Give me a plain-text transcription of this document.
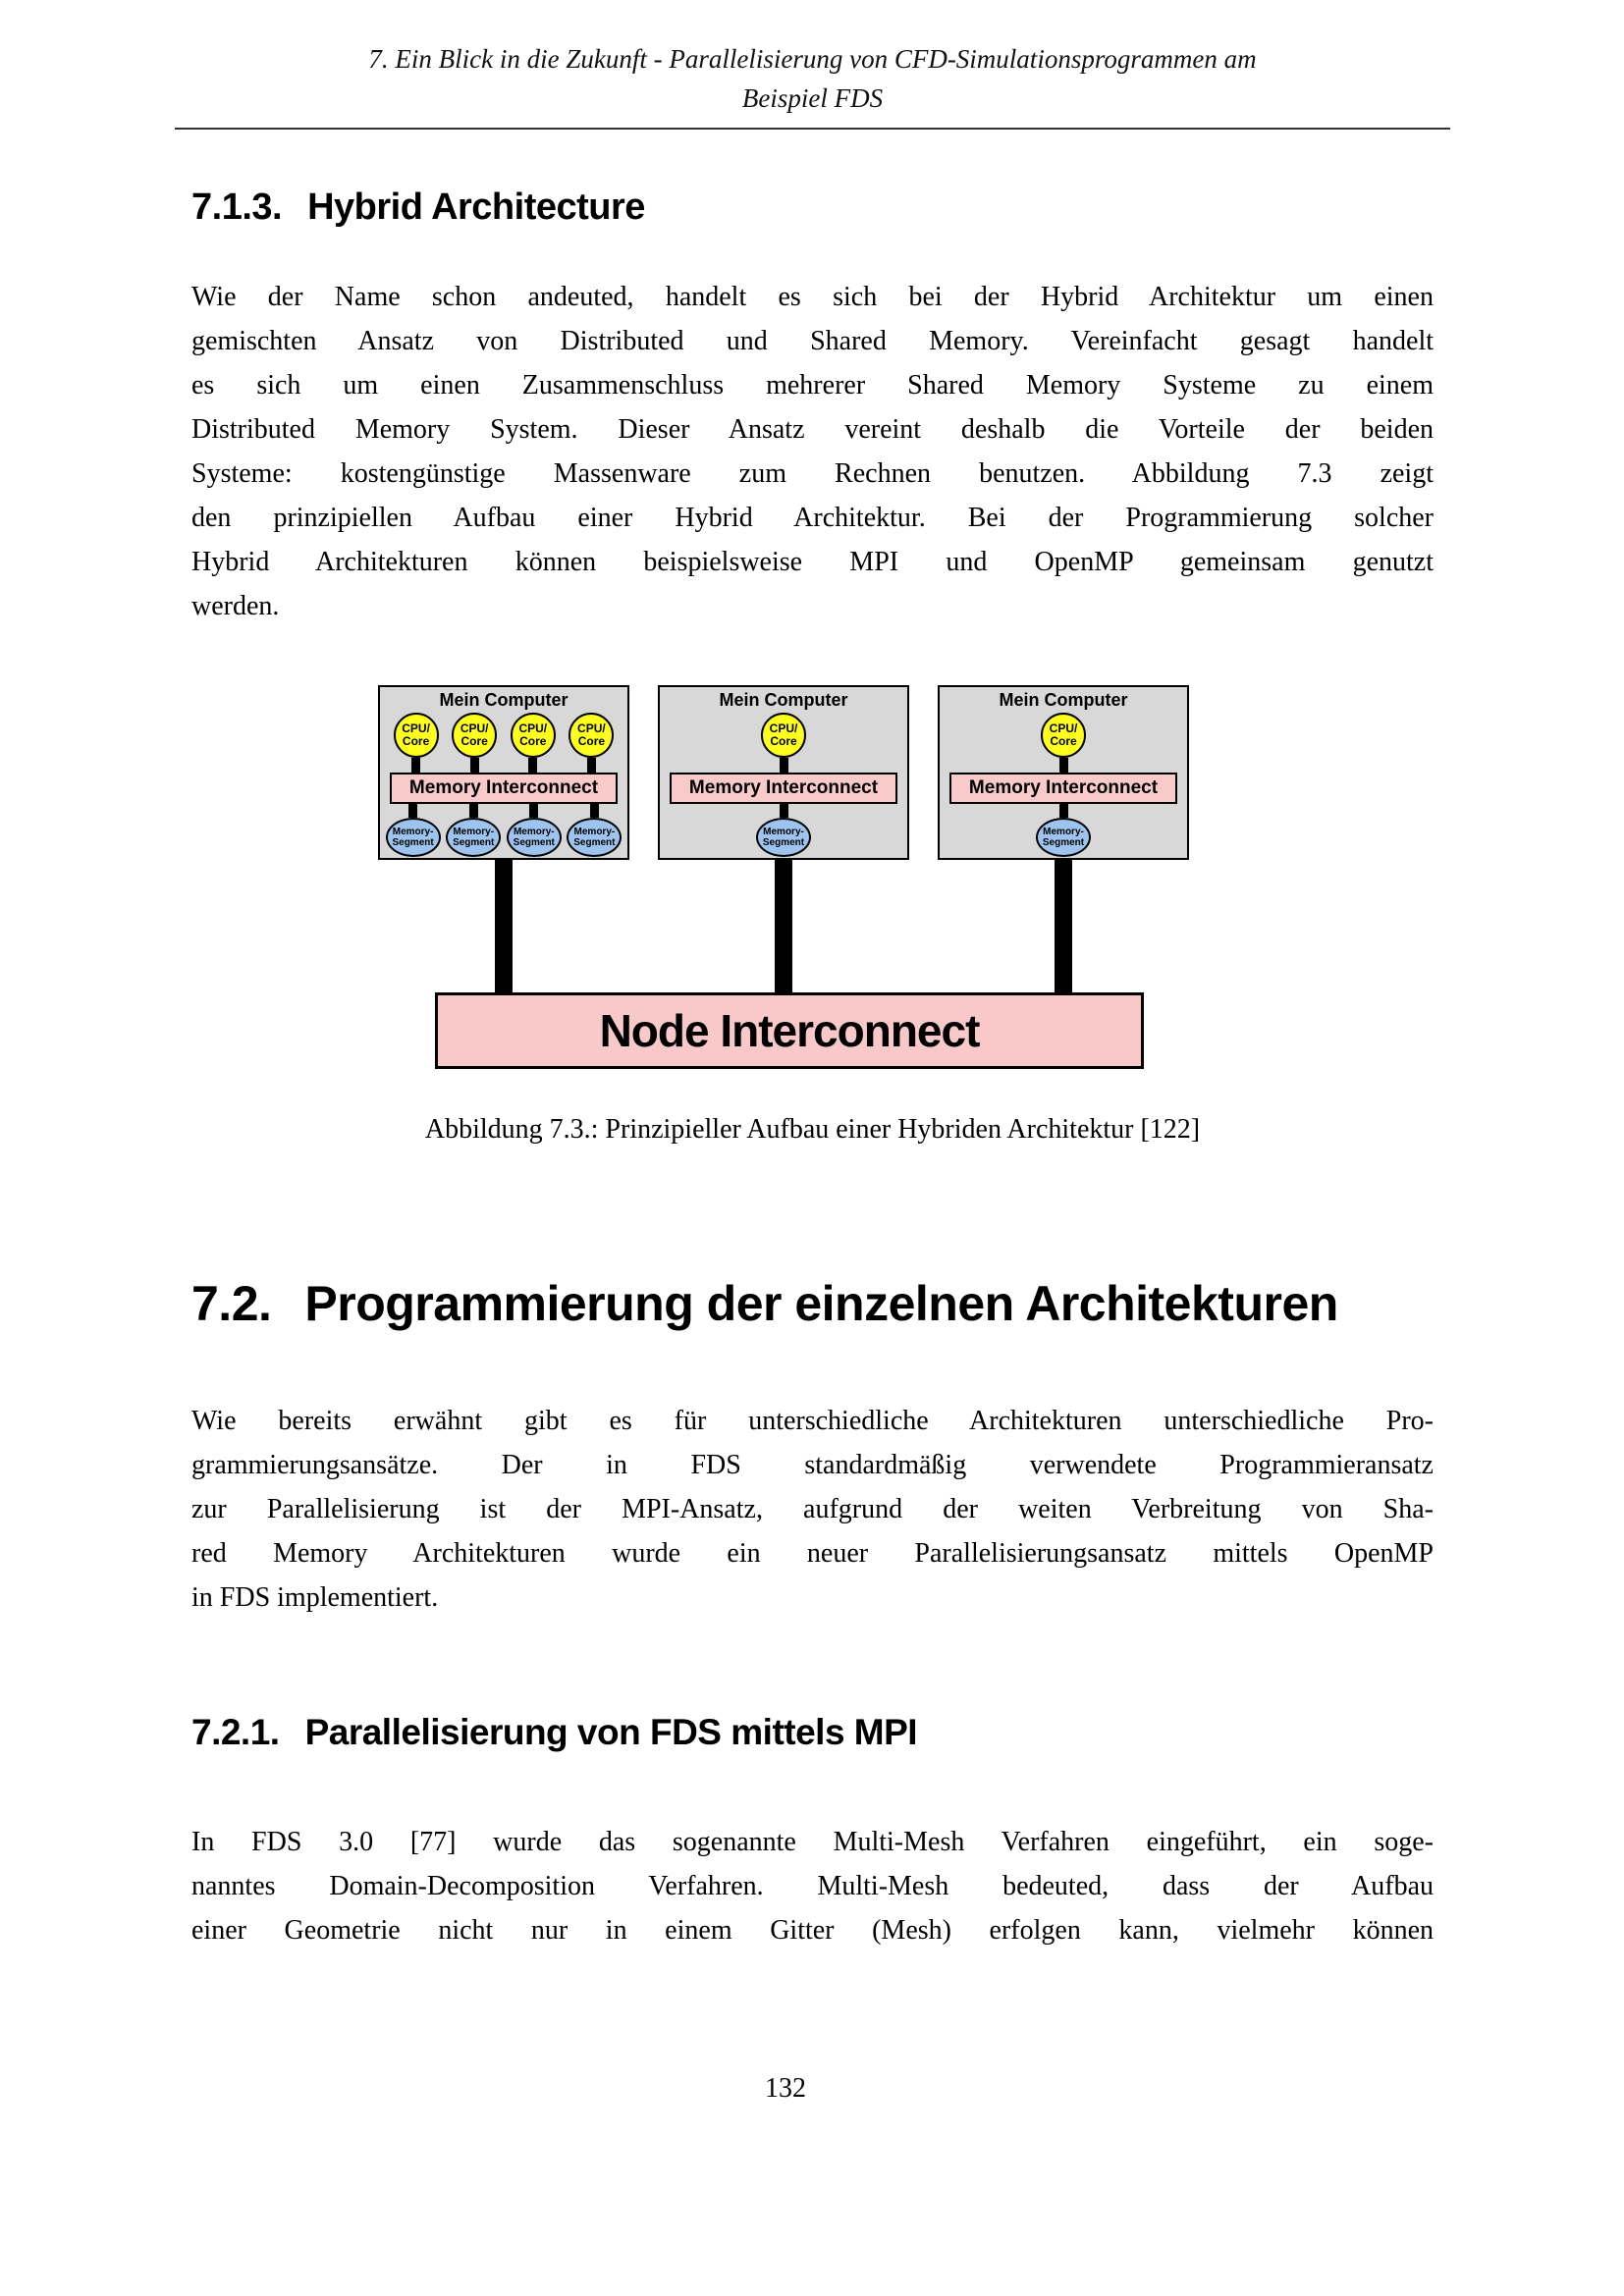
7. Ein Blick in die Zukunft - Parallelisierung von CFD-Simulationsprogrammen am
Beispiel FDS
7.1.3. Hybrid Architecture
Wie der Name schon andeuted, handelt es sich bei der Hybrid Architektur um einen
gemischten Ansatz von Distributed und Shared Memory. Vereinfacht gesagt handelt
es sich um einen Zusammenschluss mehrerer Shared Memory Systeme zu einem
Distributed Memory System. Dieser Ansatz vereint deshalb die Vorteile der beiden
Systeme: kostengünstige Massenware zum Rechnen benutzen. Abbildung 7.3 zeigt
den prinzipiellen Aufbau einer Hybrid Architektur. Bei der Programmierung solcher
Hybrid Architekturen können beispielsweise MPI und OpenMP gemeinsam genutzt
werden.
Mein Computer
CPU/
Core
CPU/
Core
CPU/
Core
CPU/
Core
Memory Interconnect
Memory-
Segment
Memory-
Segment
Memory-
Segment
Memory-
Segment
Mein Computer
CPU/
Core
Memory Interconnect
Memory-
Segment
Mein Computer
CPU/
Core
Memory Interconnect
Memory-
Segment
Node Interconnect
Abbildung 7.3.: Prinzipieller Aufbau einer Hybriden Architektur [122]
7.2. Programmierung der einzelnen Architekturen
Wie bereits erwähnt gibt es für unterschiedliche Architekturen unterschiedliche Pro-
grammierungsansätze. Der in FDS standardmäßig verwendete Programmieransatz
zur Parallelisierung ist der MPI-Ansatz, aufgrund der weiten Verbreitung von Sha-
red Memory Architekturen wurde ein neuer Parallelisierungsansatz mittels OpenMP
in FDS implementiert.
7.2.1. Parallelisierung von FDS mittels MPI
In FDS 3.0 [77] wurde das sogenannte Multi-Mesh Verfahren eingeführt, ein soge-
nanntes Domain-Decomposition Verfahren. Multi-Mesh bedeuted, dass der Aufbau
einer Geometrie nicht nur in einem Gitter (Mesh) erfolgen kann, vielmehr können
132
